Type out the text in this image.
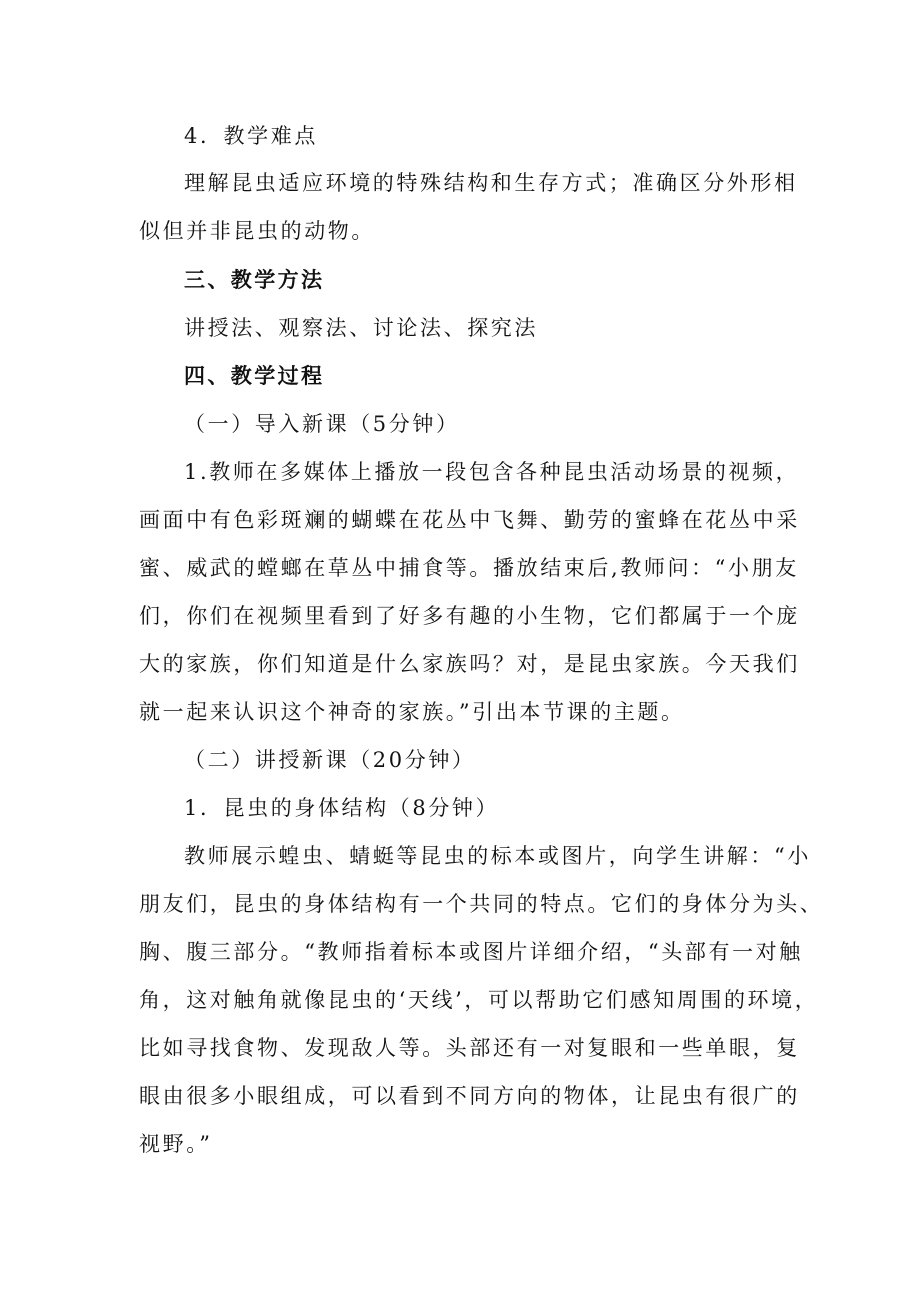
4．教学难点
理解昆虫适应环境的特殊结构和生存方式；准确区分外形相
似但并非昆虫的动物。
三、教学方法
讲授法、观察法、讨论法、探究法
四、教学过程
（一）导入新课（5分钟）
1.教师在多媒体上播放一段包含各种昆虫活动场景的视频，
画面中有色彩斑斓的蝴蝶在花丛中飞舞、勤劳的蜜蜂在花丛中采
蜜、威武的螳螂在草丛中捕食等。播放结束后,教师问：“小朋友
们，你们在视频里看到了好多有趣的小生物，它们都属于一个庞
大的家族，你们知道是什么家族吗？对，是昆虫家族。今天我们
就一起来认识这个神奇的家族。”引出本节课的主题。
（二）讲授新课（20分钟）
1．昆虫的身体结构（8分钟）
教师展示蝗虫、蜻蜓等昆虫的标本或图片，向学生讲解：“小
朋友们，昆虫的身体结构有一个共同的特点。它们的身体分为头、
胸、腹三部分。“教师指着标本或图片详细介绍，“头部有一对触
角，这对触角就像昆虫的‘天线’，可以帮助它们感知周围的环境，
比如寻找食物、发现敌人等。头部还有一对复眼和一些单眼，复
眼由很多小眼组成，可以看到不同方向的物体，让昆虫有很广的
视野。”
